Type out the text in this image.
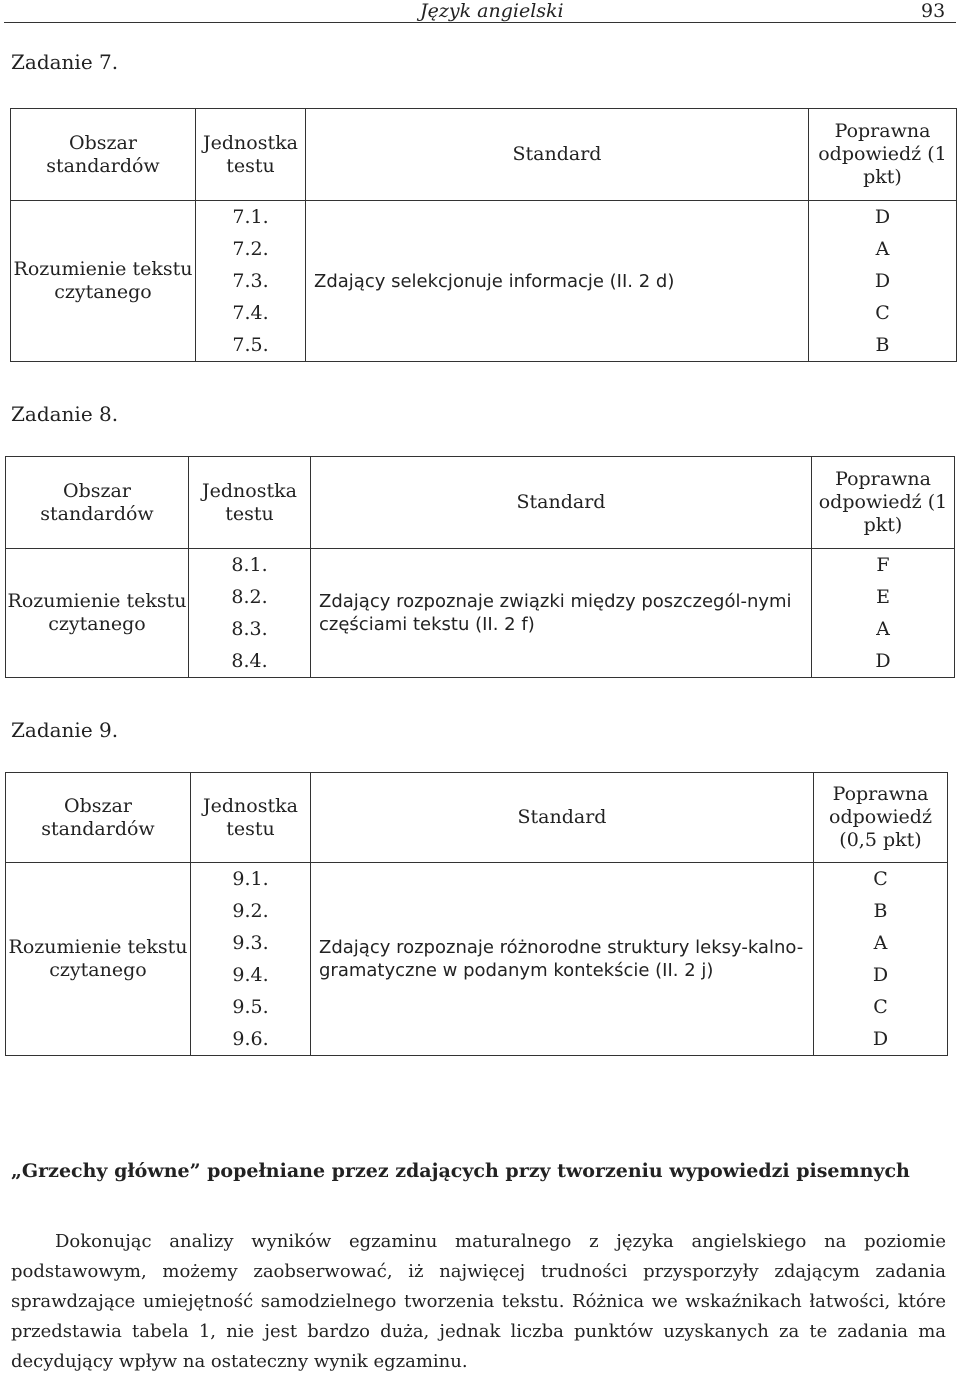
Język angielski	93
Zadanie 7.
Obszar standardów	Jednostka testu	Standard	Poprawna odpowiedź (1 pkt)
Rozumienie tekstu czytanego	7.1.	Zdający selekcjonuje informacje (II. 2 d)	D
	7.2.		A
	7.3.		D
	7.4.		C
	7.5.		B
Zadanie 8.
Obszar standardów	Jednostka testu	Standard	Poprawna odpowiedź (1 pkt)
Rozumienie tekstu czytanego	8.1.	Zdający rozpoznaje związki między poszczegól-nymi częściami tekstu (II. 2 f)	F
	8.2.		E
	8.3.		A
	8.4.		D
Zadanie 9.
Obszar standardów	Jednostka testu	Standard	Poprawna odpowiedź (0,5 pkt)
Rozumienie tekstu czytanego	9.1.	Zdający rozpoznaje różnorodne struktury leksy-kalno-gramatyczne w podanym kontekście (II. 2 j)	C
	9.2.		B
	9.3.		A
	9.4.		D
	9.5.		C
	9.6.		D
„Grzechy główne” popełniane przez zdających przy tworzeniu wypowiedzi pisemnych
Dokonując analizy wyników egzaminu maturalnego z języka angielskiego na poziomie podstawowym, możemy zaobserwować, iż najwięcej trudności przysporzyły zdającym zadania sprawdzające umiejętność samodzielnego tworzenia tekstu. Różnica we wskaźnikach łatwości, które przedstawia tabela 1, nie jest bardzo duża, jednak liczba punktów uzyskanych za te zadania ma decydujący wpływ na ostateczny wynik egzaminu.
